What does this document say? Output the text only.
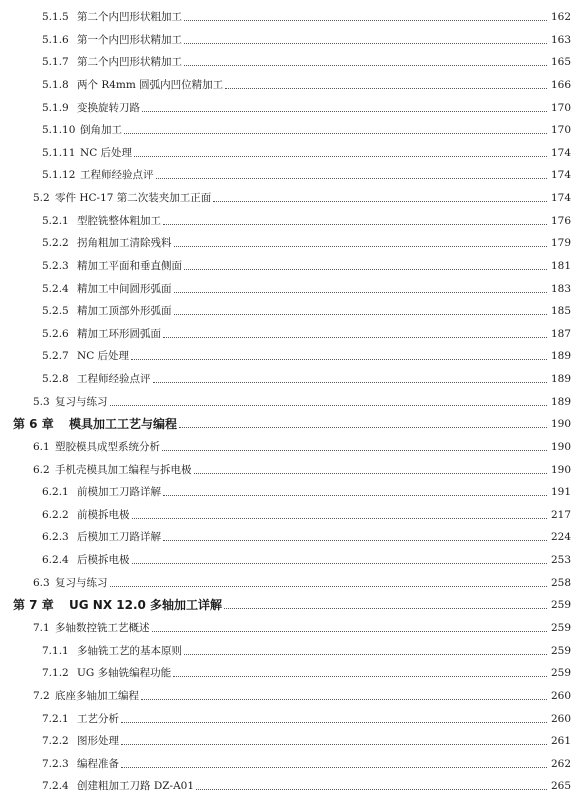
5.1.5 第二个内凹形状粗加工	162
5.1.6 第一个内凹形状精加工	163
5.1.7 第二个内凹形状精加工	165
5.1.8 两个 R4mm 圆弧内凹位精加工	166
5.1.9 变换旋转刀路	170
5.1.10 倒角加工	170
5.1.11 NC 后处理	174
5.1.12 工程师经验点评	174
5.2 零件 HC-17 第二次装夹加工正面	174
5.2.1 型腔铣整体粗加工	176
5.2.2 拐角粗加工清除残料	179
5.2.3 精加工平面和垂直侧面	181
5.2.4 精加工中间圆形弧面	183
5.2.5 精加工顶部外形弧面	185
5.2.6 精加工环形圆弧面	187
5.2.7 NC 后处理	189
5.2.8 工程师经验点评	189
5.3 复习与练习	189
第 6 章	模具加工工艺与编程	190
6.1 塑胶模具成型系统分析	190
6.2 手机壳模具加工编程与拆电极	190
6.2.1 前模加工刀路详解	191
6.2.2 前模拆电极	217
6.2.3 后模加工刀路详解	224
6.2.4 后模拆电极	253
6.3 复习与练习	258
第 7 章	UG NX 12.0 多轴加工详解	259
7.1 多轴数控铣工艺概述	259
7.1.1 多轴铣工艺的基本原则	259
7.1.2 UG 多轴铣编程功能	259
7.2 底座多轴加工编程	260
7.2.1 工艺分析	260
7.2.2 图形处理	261
7.2.3 编程准备	262
7.2.4 创建粗加工刀路 DZ-A01	265
